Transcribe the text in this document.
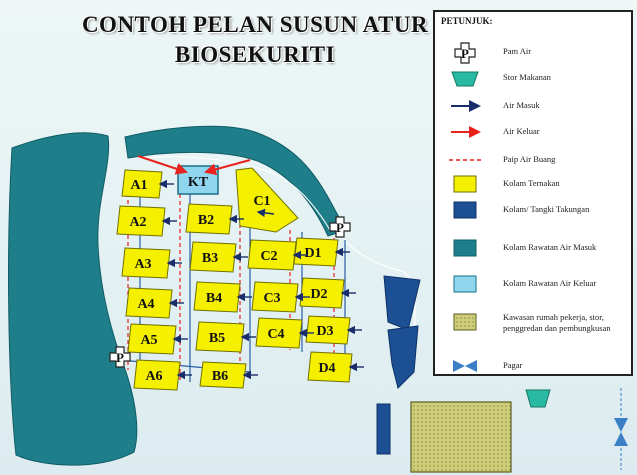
CONTOH PELAN SUSUN ATUR
BIOSEKURITI
A1
A2
A3
A4
A5
A6
B2
B3
B4
B5
B6
C1
C2
C3
C4
D1
D2
D3
D4
KT
P
P
PETUNJUK:
P	Pam Air
Stor Makanan
Air Masuk
Air Keluar
Paip Air Buang
Kolam Ternakan
Kolam/ Tangki Takungan
Kolam Rawatan Air Masuk
Kolam Rawatan Air Keluar
Kawasan rumah pekerja, stor, penggredan dan pembungkusan
Pagar
